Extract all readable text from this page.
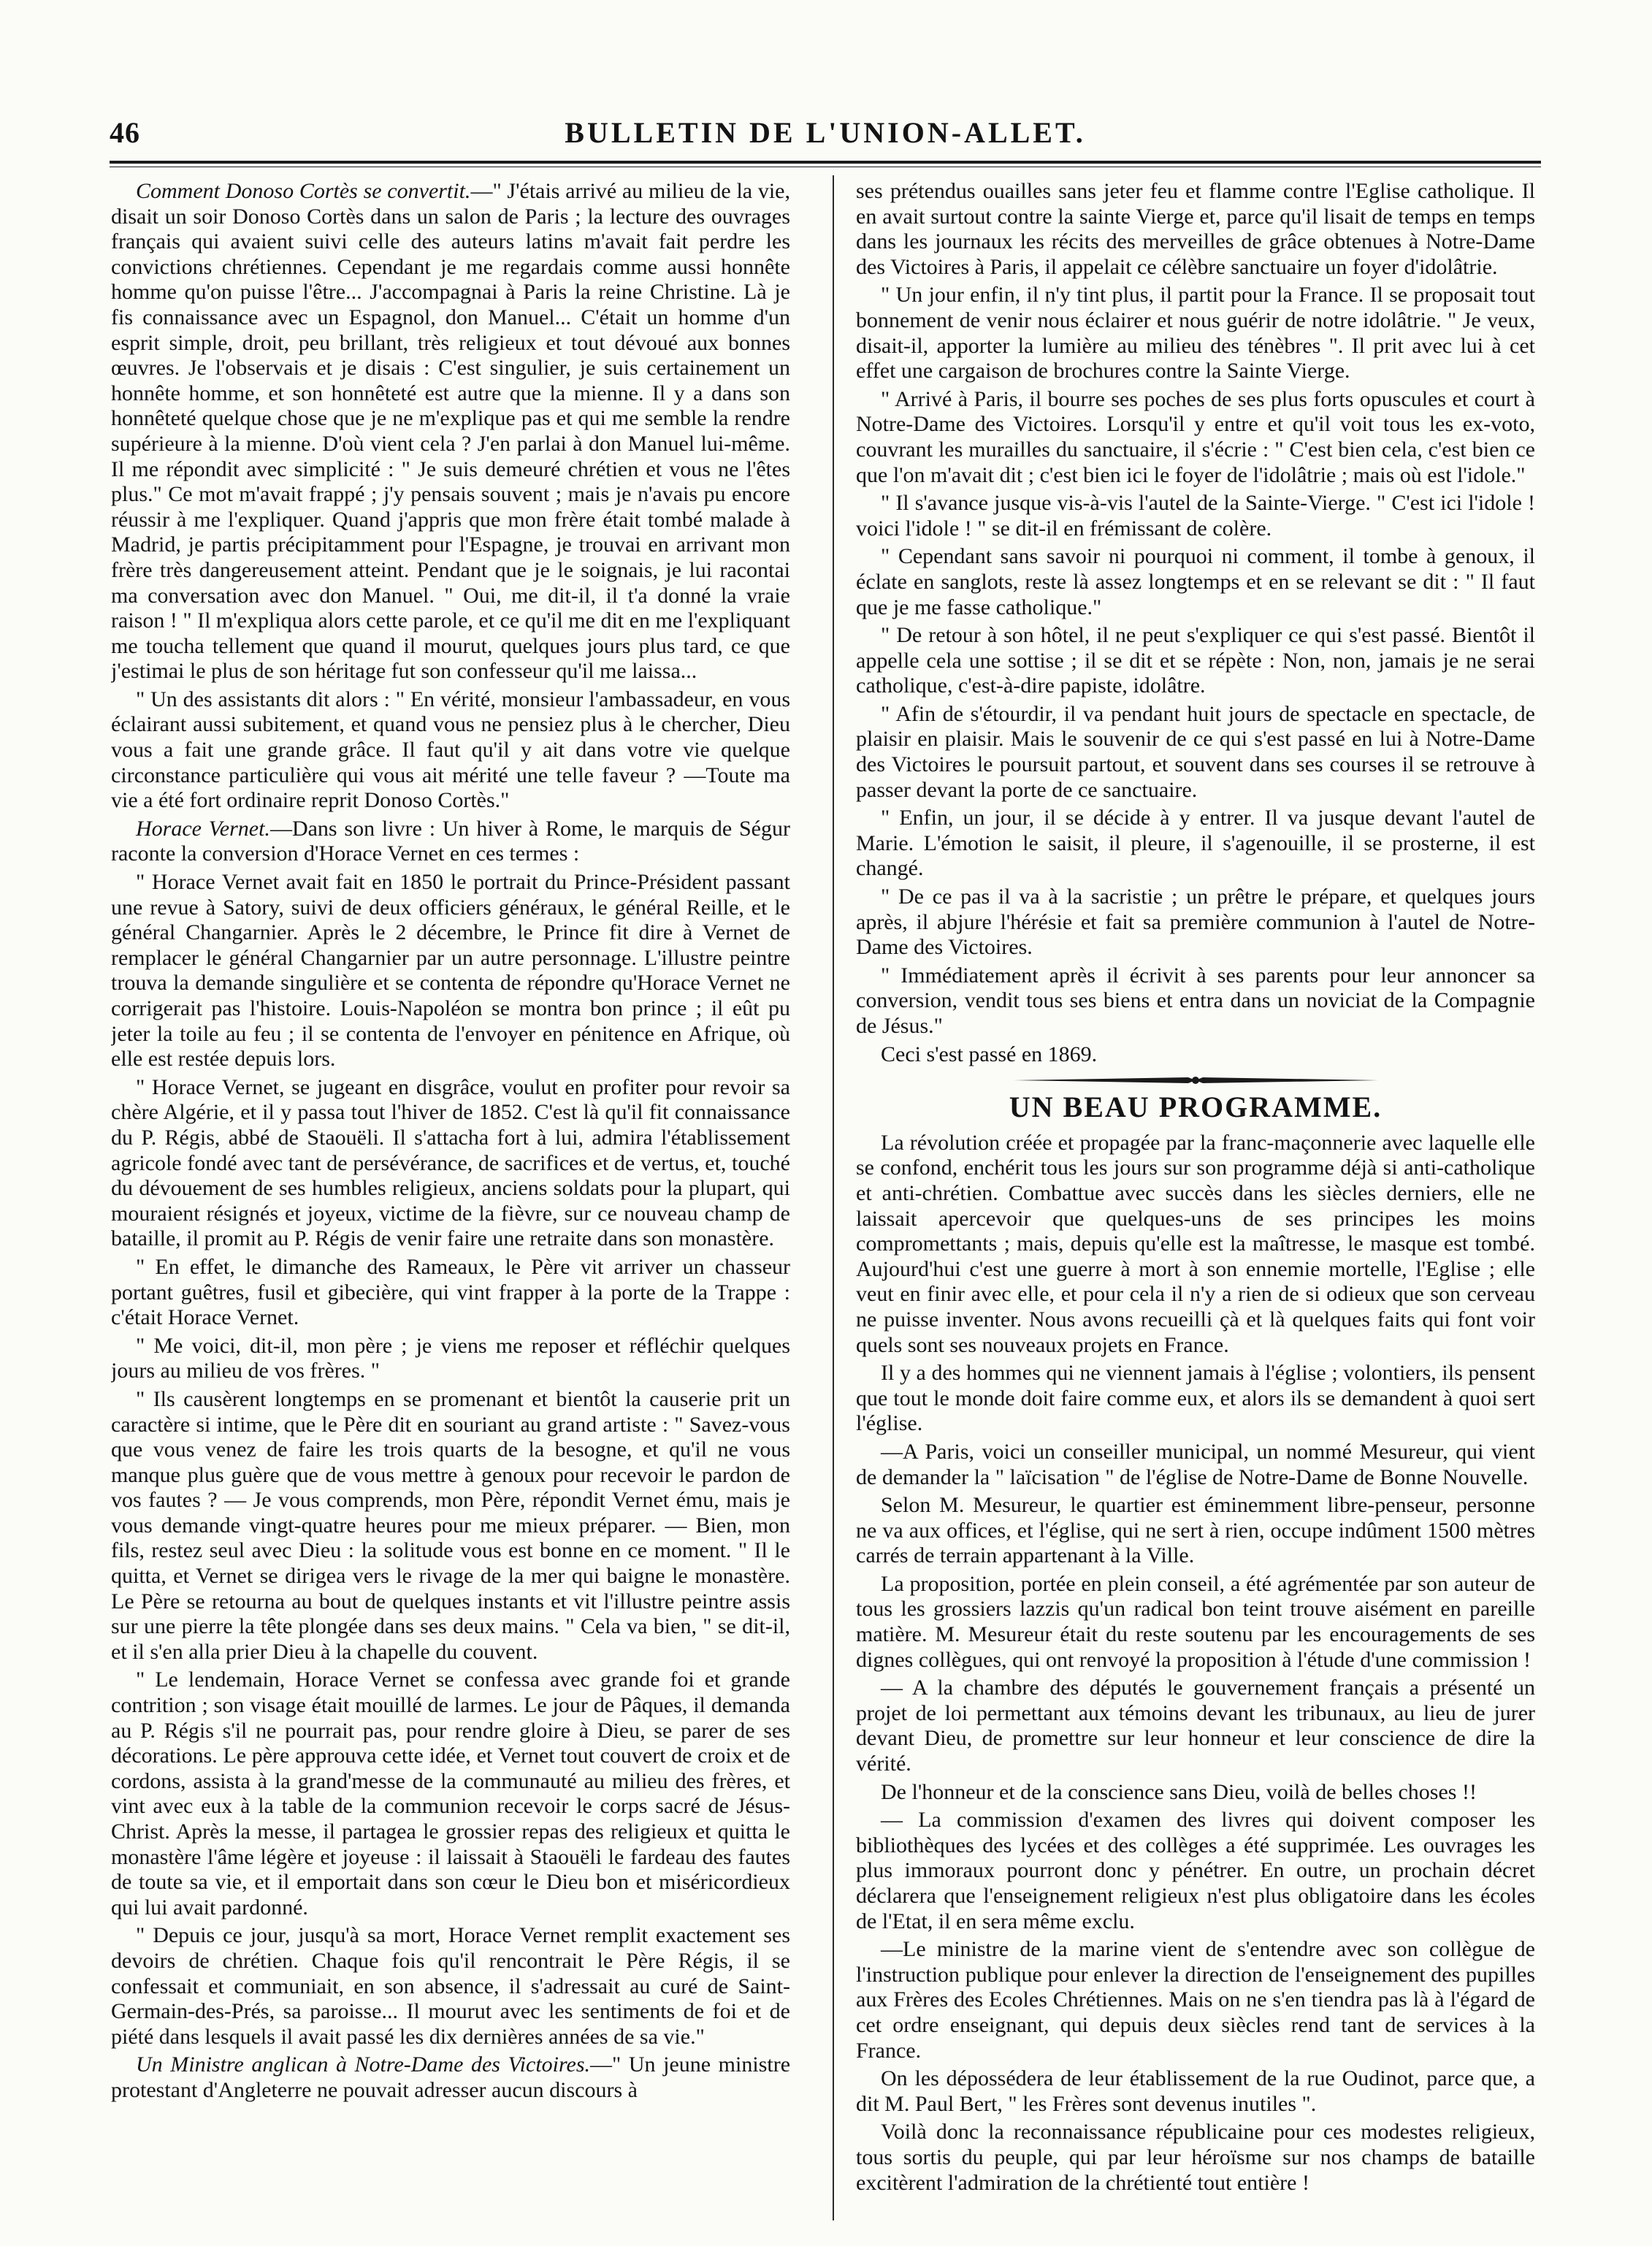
46	BULLETIN DE L'UNION-ALLET.

Comment Donoso Cortès se convertit.—" J'étais arrivé au milieu de la vie, disait un soir Donoso Cortès dans un salon de Paris ; la lecture des ouvrages français qui avaient suivi celle des auteurs latins m'avait fait perdre les convictions chrétiennes. Cependant je me regardais comme aussi honnête homme qu'on puisse l'être... J'accompagnai à Paris la reine Christine. Là je fis connaissance avec un Espagnol, don Manuel... C'était un homme d'un esprit simple, droit, peu brillant, très religieux et tout dévoué aux bonnes œuvres. Je l'observais et je disais : C'est singulier, je suis certainement un honnête homme, et son honnêteté est autre que la mienne. Il y a dans son honnêteté quelque chose que je ne m'explique pas et qui me semble la rendre supérieure à la mienne. D'où vient cela ? J'en parlai à don Manuel lui-même. Il me répondit avec simplicité : " Je suis demeuré chrétien et vous ne l'êtes plus." Ce mot m'avait frappé ; j'y pensais souvent ; mais je n'avais pu encore réussir à me l'expliquer. Quand j'appris que mon frère était tombé malade à Madrid, je partis précipitamment pour l'Espagne, je trouvai en arrivant mon frère très dangereusement atteint. Pendant que je le soignais, je lui racontai ma conversation avec don Manuel. " Oui, me dit-il, il t'a donné la vraie raison ! " Il m'expliqua alors cette parole, et ce qu'il me dit en me l'expliquant me toucha tellement que quand il mourut, quelques jours plus tard, ce que j'estimai le plus de son héritage fut son confesseur qu'il me laissa...

" Un des assistants dit alors : " En vérité, monsieur l'ambassadeur, en vous éclairant aussi subitement, et quand vous ne pensiez plus à le chercher, Dieu vous a fait une grande grâce. Il faut qu'il y ait dans votre vie quelque circonstance particulière qui vous ait mérité une telle faveur ? —Toute ma vie a été fort ordinaire reprit Donoso Cortès."

Horace Vernet.—Dans son livre : Un hiver à Rome, le marquis de Ségur raconte la conversion d'Horace Vernet en ces termes :

" Horace Vernet avait fait en 1850 le portrait du Prince-Président passant une revue à Satory, suivi de deux officiers généraux, le général Reille, et le général Changarnier. Après le 2 décembre, le Prince fit dire à Vernet de remplacer le général Changarnier par un autre personnage. L'illustre peintre trouva la demande singulière et se contenta de répondre qu'Horace Vernet ne corrigerait pas l'histoire. Louis-Napoléon se montra bon prince ; il eût pu jeter la toile au feu ; il se contenta de l'envoyer en pénitence en Afrique, où elle est restée depuis lors.

" Horace Vernet, se jugeant en disgrâce, voulut en profiter pour revoir sa chère Algérie, et il y passa tout l'hiver de 1852. C'est là qu'il fit connaissance du P. Régis, abbé de Staouëli. Il s'attacha fort à lui, admira l'établissement agricole fondé avec tant de persévérance, de sacrifices et de vertus, et, touché du dévouement de ses humbles religieux, anciens soldats pour la plupart, qui mouraient résignés et joyeux, victime de la fièvre, sur ce nouveau champ de bataille, il promit au P. Régis de venir faire une retraite dans son monastère.

" En effet, le dimanche des Rameaux, le Père vit arriver un chasseur portant guêtres, fusil et gibecière, qui vint frapper à la porte de la Trappe : c'était Horace Vernet.

" Me voici, dit-il, mon père ; je viens me reposer et réfléchir quelques jours au milieu de vos frères. "

" Ils causèrent longtemps en se promenant et bientôt la causerie prit un caractère si intime, que le Père dit en souriant au grand artiste : " Savez-vous que vous venez de faire les trois quarts de la besogne, et qu'il ne vous manque plus guère que de vous mettre à genoux pour recevoir le pardon de vos fautes ? — Je vous comprends, mon Père, répondit Vernet ému, mais je vous demande vingt-quatre heures pour me mieux préparer. — Bien, mon fils, restez seul avec Dieu : la solitude vous est bonne en ce moment. " Il le quitta, et Vernet se dirigea vers le rivage de la mer qui baigne le monastère. Le Père se retourna au bout de quelques instants et vit l'illustre peintre assis sur une pierre la tête plongée dans ses deux mains. " Cela va bien, " se dit-il, et il s'en alla prier Dieu à la chapelle du couvent.

" Le lendemain, Horace Vernet se confessa avec grande foi et grande contrition ; son visage était mouillé de larmes. Le jour de Pâques, il demanda au P. Régis s'il ne pourrait pas, pour rendre gloire à Dieu, se parer de ses décorations. Le père approuva cette idée, et Vernet tout couvert de croix et de cordons, assista à la grand'messe de la communauté au milieu des frères, et vint avec eux à la table de la communion recevoir le corps sacré de Jésus-Christ. Après la messe, il partagea le grossier repas des religieux et quitta le monastère l'âme légère et joyeuse : il laissait à Staouëli le fardeau des fautes de toute sa vie, et il emportait dans son cœur le Dieu bon et miséricordieux qui lui avait pardonné.

" Depuis ce jour, jusqu'à sa mort, Horace Vernet remplit exactement ses devoirs de chrétien. Chaque fois qu'il rencontrait le Père Régis, il se confessait et communiait, en son absence, il s'adressait au curé de Saint-Germain-des-Prés, sa paroisse... Il mourut avec les sentiments de foi et de piété dans lesquels il avait passé les dix dernières années de sa vie."

Un Ministre anglican à Notre-Dame des Victoires.—" Un jeune ministre protestant d'Angleterre ne pouvait adresser aucun discours à

ses prétendus ouailles sans jeter feu et flamme contre l'Eglise catholique. Il en avait surtout contre la sainte Vierge et, parce qu'il lisait de temps en temps dans les journaux les récits des merveilles de grâce obtenues à Notre-Dame des Victoires à Paris, il appelait ce célèbre sanctuaire un foyer d'idolâtrie.

" Un jour enfin, il n'y tint plus, il partit pour la France. Il se proposait tout bonnement de venir nous éclairer et nous guérir de notre idolâtrie. " Je veux, disait-il, apporter la lumière au milieu des ténèbres ". Il prit avec lui à cet effet une cargaison de brochures contre la Sainte Vierge.

" Arrivé à Paris, il bourre ses poches de ses plus forts opuscules et court à Notre-Dame des Victoires. Lorsqu'il y entre et qu'il voit tous les ex-voto, couvrant les murailles du sanctuaire, il s'écrie : " C'est bien cela, c'est bien ce que l'on m'avait dit ; c'est bien ici le foyer de l'idolâtrie ; mais où est l'idole."

" Il s'avance jusque vis-à-vis l'autel de la Sainte-Vierge. " C'est ici l'idole ! voici l'idole ! " se dit-il en frémissant de colère.

" Cependant sans savoir ni pourquoi ni comment, il tombe à genoux, il éclate en sanglots, reste là assez longtemps et en se relevant se dit : " Il faut que je me fasse catholique."

" De retour à son hôtel, il ne peut s'expliquer ce qui s'est passé. Bientôt il appelle cela une sottise ; il se dit et se répète : Non, non, jamais je ne serai catholique, c'est-à-dire papiste, idolâtre.

" Afin de s'étourdir, il va pendant huit jours de spectacle en spectacle, de plaisir en plaisir. Mais le souvenir de ce qui s'est passé en lui à Notre-Dame des Victoires le poursuit partout, et souvent dans ses courses il se retrouve à passer devant la porte de ce sanctuaire.

" Enfin, un jour, il se décide à y entrer. Il va jusque devant l'autel de Marie. L'émotion le saisit, il pleure, il s'agenouille, il se prosterne, il est changé.

" De ce pas il va à la sacristie ; un prêtre le prépare, et quelques jours après, il abjure l'hérésie et fait sa première communion à l'autel de Notre-Dame des Victoires.

" Immédiatement après il écrivit à ses parents pour leur annoncer sa conversion, vendit tous ses biens et entra dans un noviciat de la Compagnie de Jésus."

Ceci s'est passé en 1869.

UN BEAU PROGRAMME.

La révolution créée et propagée par la franc-maçonnerie avec laquelle elle se confond, enchérit tous les jours sur son programme déjà si anti-catholique et anti-chrétien. Combattue avec succès dans les siècles derniers, elle ne laissait apercevoir que quelques-uns de ses principes les moins compromettants ; mais, depuis qu'elle est la maîtresse, le masque est tombé. Aujourd'hui c'est une guerre à mort à son ennemie mortelle, l'Eglise ; elle veut en finir avec elle, et pour cela il n'y a rien de si odieux que son cerveau ne puisse inventer. Nous avons recueilli çà et là quelques faits qui font voir quels sont ses nouveaux projets en France.

Il y a des hommes qui ne viennent jamais à l'église ; volontiers, ils pensent que tout le monde doit faire comme eux, et alors ils se demandent à quoi sert l'église.

—A Paris, voici un conseiller municipal, un nommé Mesureur, qui vient de demander la " laïcisation " de l'église de Notre-Dame de Bonne Nouvelle.

Selon M. Mesureur, le quartier est éminemment libre-penseur, personne ne va aux offices, et l'église, qui ne sert à rien, occupe indûment 1500 mètres carrés de terrain appartenant à la Ville.

La proposition, portée en plein conseil, a été agrémentée par son auteur de tous les grossiers lazzis qu'un radical bon teint trouve aisément en pareille matière. M. Mesureur était du reste soutenu par les encouragements de ses dignes collègues, qui ont renvoyé la proposition à l'étude d'une commission !

— A la chambre des députés le gouvernement français a présenté un projet de loi permettant aux témoins devant les tribunaux, au lieu de jurer devant Dieu, de promettre sur leur honneur et leur conscience de dire la vérité.

De l'honneur et de la conscience sans Dieu, voilà de belles choses !!

— La commission d'examen des livres qui doivent composer les bibliothèques des lycées et des collèges a été supprimée. Les ouvrages les plus immoraux pourront donc y pénétrer. En outre, un prochain décret déclarera que l'enseignement religieux n'est plus obligatoire dans les écoles de l'Etat, il en sera même exclu.

—Le ministre de la marine vient de s'entendre avec son collègue de l'instruction publique pour enlever la direction de l'enseignement des pupilles aux Frères des Ecoles Chrétiennes. Mais on ne s'en tiendra pas là à l'égard de cet ordre enseignant, qui depuis deux siècles rend tant de services à la France.

On les dépossédera de leur établissement de la rue Oudinot, parce que, a dit M. Paul Bert, " les Frères sont devenus inutiles ".

Voilà donc la reconnaissance républicaine pour ces modestes religieux, tous sortis du peuple, qui par leur héroïsme sur nos champs de bataille excitèrent l'admiration de la chrétienté tout entière !
